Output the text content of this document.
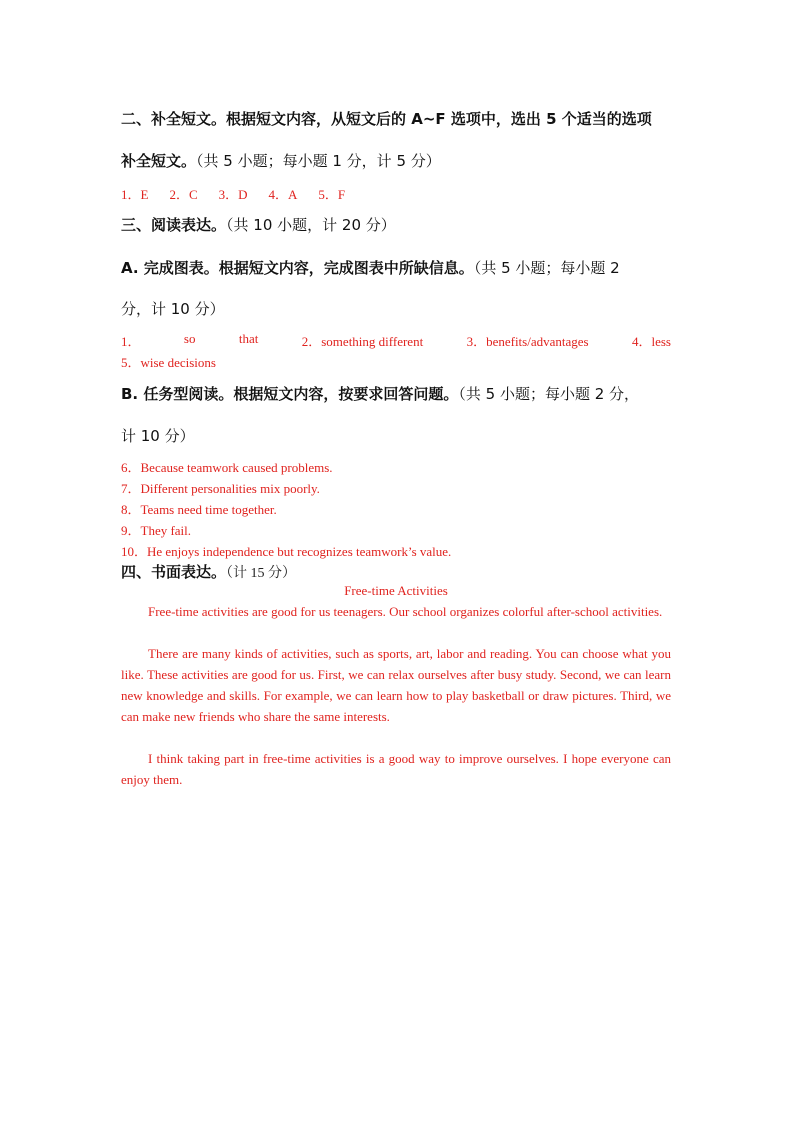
二、补全短文。根据短文内容，从短文后的 A~F 选项中，选出 5 个适当的选项
补全短文。（共 5 小题；每小题 1 分，计 5 分）
1．E 2．C 3．D 4．A 5．F
三、阅读表达。（共 10 小题，计 20 分）
A. 完成图表。根据短文内容，完成图表中所缺信息。（共 5 小题；每小题 2
分，计 10 分）
1．	so	that	2．something different	3．benefits/advantages	4．less
5．wise decisions
B. 任务型阅读。根据短文内容，按要求回答问题。（共 5 小题；每小题 2 分，
计 10 分）
6．Because teamwork caused problems.
7．Different personalities mix poorly.
8．Teams need time together.
9．They fail.
10．He enjoys independence but recognizes teamwork’s value.
四、书面表达。（计 15 分）
Free-time Activities
Free-time activities are good for us teenagers. Our school organizes colorful after-school activities.
There are many kinds of activities, such as sports, art, labor and reading. You can choose what you like. These activities are good for us. First, we can relax ourselves after busy study. Second, we can learn new knowledge and skills. For example, we can learn how to play basketball or draw pictures. Third, we can make new friends who share the same interests.
I think taking part in free-time activities is a good way to improve ourselves. I hope everyone can enjoy them.
